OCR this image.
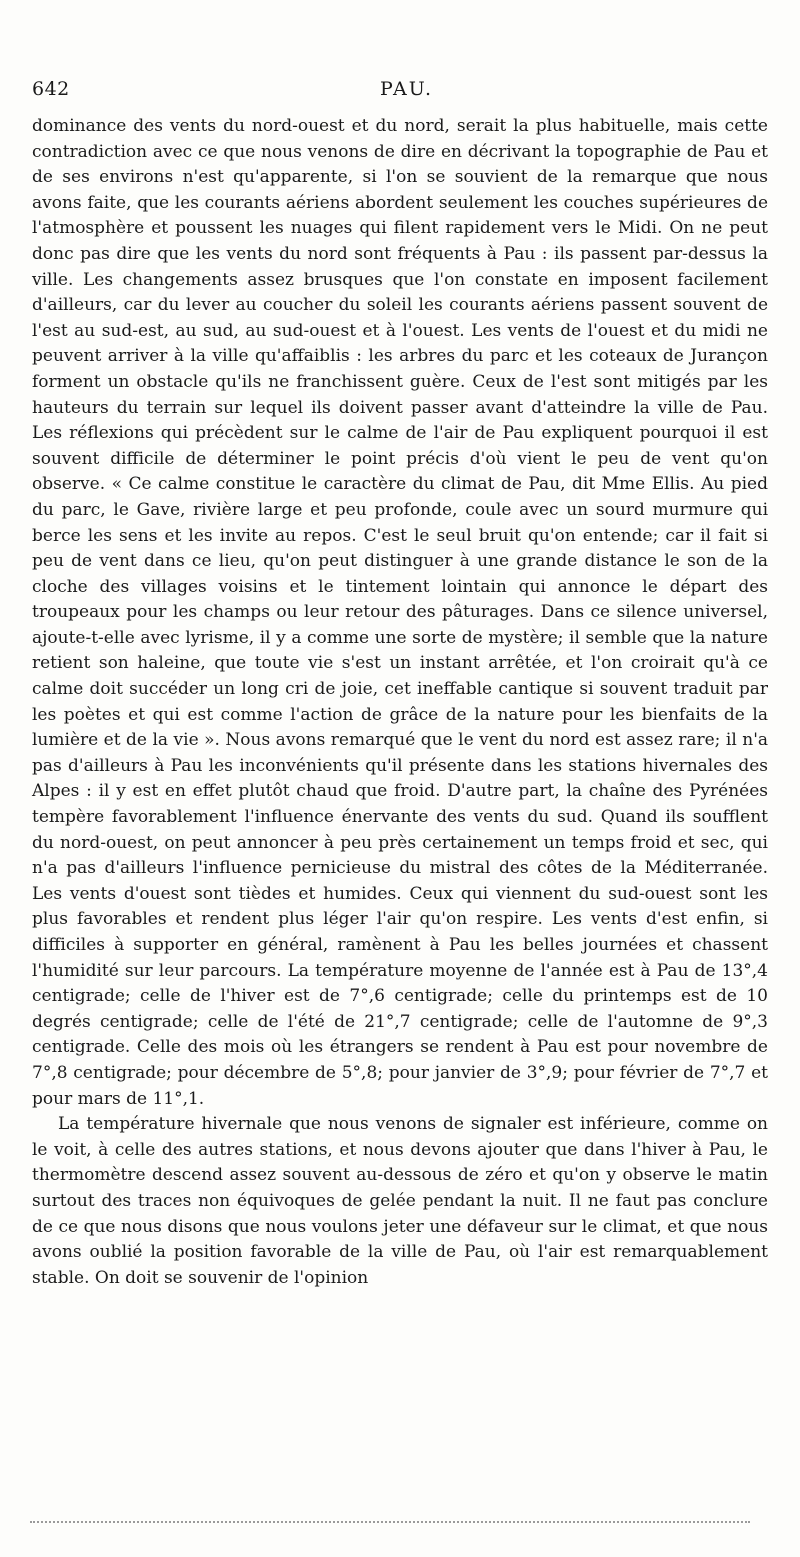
642	PAU.

dominance des vents du nord-ouest et du nord, serait la plus habituelle, mais cette contradiction avec ce que nous venons de dire en décrivant la topographie de Pau et de ses environs n'est qu'apparente, si l'on se souvient de la remarque que nous avons faite, que les courants aériens abordent seulement les couches supérieures de l'atmosphère et poussent les nuages qui filent rapidement vers le Midi. On ne peut donc pas dire que les vents du nord sont fréquents à Pau : ils passent par-dessus la ville. Les changements assez brusques que l'on constate en imposent facilement d'ailleurs, car du lever au coucher du soleil les courants aériens passent souvent de l'est au sud-est, au sud, au sud-ouest et à l'ouest. Les vents de l'ouest et du midi ne peuvent arriver à la ville qu'affaiblis : les arbres du parc et les coteaux de Jurançon forment un obstacle qu'ils ne franchissent guère. Ceux de l'est sont mitigés par les hauteurs du terrain sur lequel ils doivent passer avant d'atteindre la ville de Pau. Les réflexions qui précèdent sur le calme de l'air de Pau expliquent pourquoi il est souvent difficile de déterminer le point précis d'où vient le peu de vent qu'on observe. « Ce calme constitue le caractère du climat de Pau, dit Mme Ellis. Au pied du parc, le Gave, rivière large et peu profonde, coule avec un sourd murmure qui berce les sens et les invite au repos. C'est le seul bruit qu'on entende; car il fait si peu de vent dans ce lieu, qu'on peut distinguer à une grande distance le son de la cloche des villages voisins et le tintement lointain qui annonce le départ des troupeaux pour les champs ou leur retour des pâturages. Dans ce silence universel, ajoute-t-elle avec lyrisme, il y a comme une sorte de mystère; il semble que la nature retient son haleine, que toute vie s'est un instant arrêtée, et l'on croirait qu'à ce calme doit succéder un long cri de joie, cet ineffable cantique si souvent traduit par les poètes et qui est comme l'action de grâce de la nature pour les bienfaits de la lumière et de la vie ». Nous avons remarqué que le vent du nord est assez rare; il n'a pas d'ailleurs à Pau les inconvénients qu'il présente dans les stations hivernales des Alpes : il y est en effet plutôt chaud que froid. D'autre part, la chaîne des Pyrénées tempère favorablement l'influence énervante des vents du sud. Quand ils soufflent du nord-ouest, on peut annoncer à peu près certainement un temps froid et sec, qui n'a pas d'ailleurs l'influence pernicieuse du mistral des côtes de la Méditerranée. Les vents d'ouest sont tièdes et humides. Ceux qui viennent du sud-ouest sont les plus favorables et rendent plus léger l'air qu'on respire. Les vents d'est enfin, si difficiles à supporter en général, ramènent à Pau les belles journées et chassent l'humidité sur leur parcours. La température moyenne de l'année est à Pau de 13°,4 centigrade; celle de l'hiver est de 7°,6 centigrade; celle du printemps est de 10 degrés centigrade; celle de l'été de 21°,7 centigrade; celle de l'automne de 9°,3 centigrade. Celle des mois où les étrangers se rendent à Pau est pour novembre de 7°,8 centigrade; pour décembre de 5°,8; pour janvier de 3°,9; pour février de 7°,7 et pour mars de 11°,1.

La température hivernale que nous venons de signaler est inférieure, comme on le voit, à celle des autres stations, et nous devons ajouter que dans l'hiver à Pau, le thermomètre descend assez souvent au-dessous de zéro et qu'on y observe le matin surtout des traces non équivoques de gelée pendant la nuit. Il ne faut pas conclure de ce que nous disons que nous voulons jeter une défaveur sur le climat, et que nous avons oublié la position favorable de la ville de Pau, où l'air est remarquablement stable. On doit se souvenir de l'opinion
